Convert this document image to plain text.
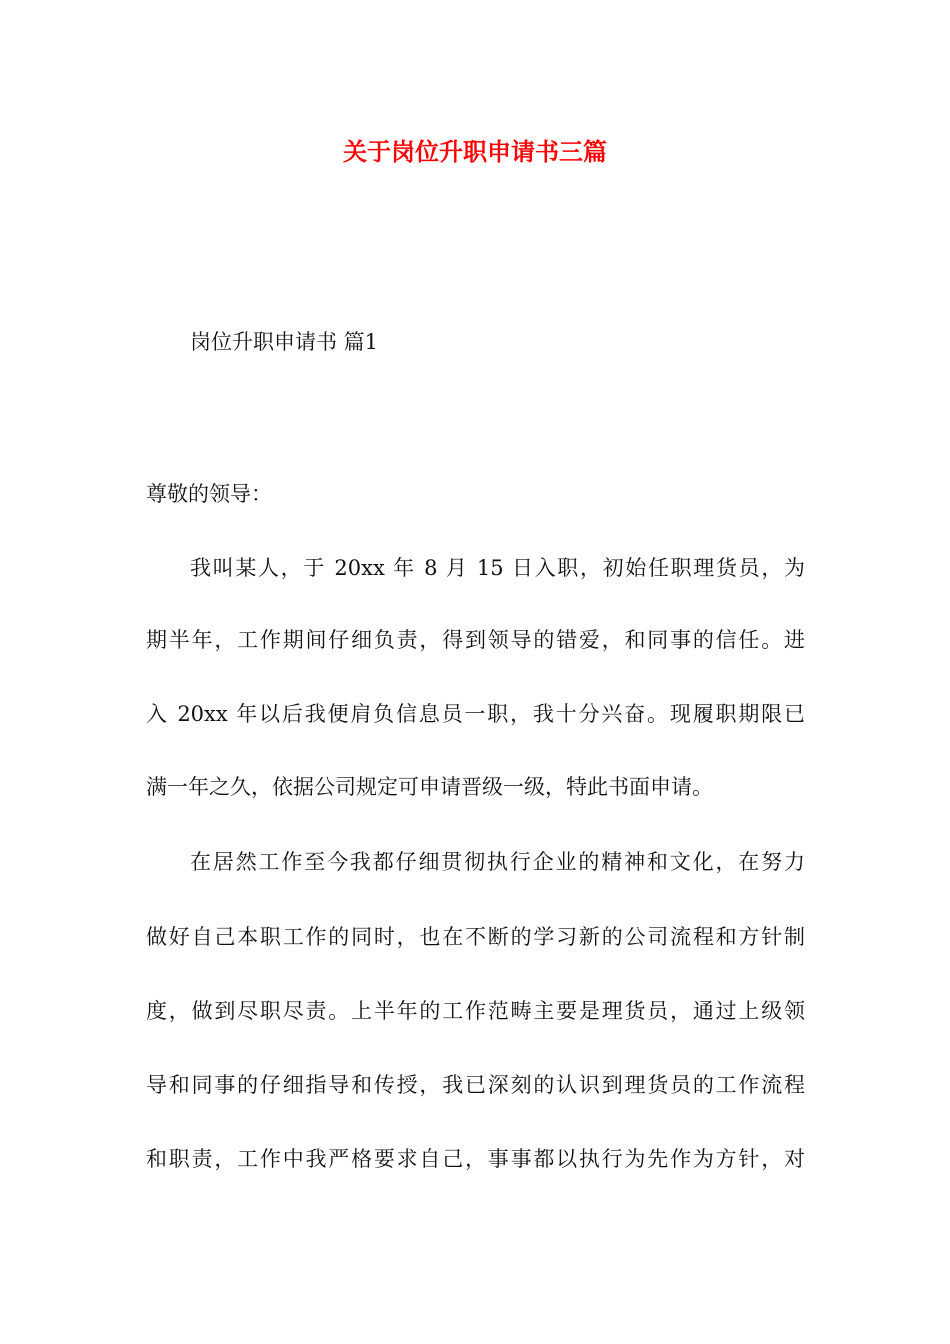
关于岗位升职申请书三篇
岗位升职申请书 篇1
尊敬的领导：
我叫某人，于 20xx 年 8 月 15 日入职，初始任职理货员，为
期半年，工作期间仔细负责，得到领导的错爱，和同事的信任。进
入 20xx 年以后我便肩负信息员一职，我十分兴奋。现履职期限已
满一年之久，依据公司规定可申请晋级一级，特此书面申请。
在居然工作至今我都仔细贯彻执行企业的精神和文化，在努力
做好自己本职工作的同时，也在不断的学习新的公司流程和方针制
度，做到尽职尽责。上半年的工作范畴主要是理货员，通过上级领
导和同事的仔细指导和传授，我已深刻的认识到理货员的工作流程
和职责，工作中我严格要求自己，事事都以执行为先作为方针，对
